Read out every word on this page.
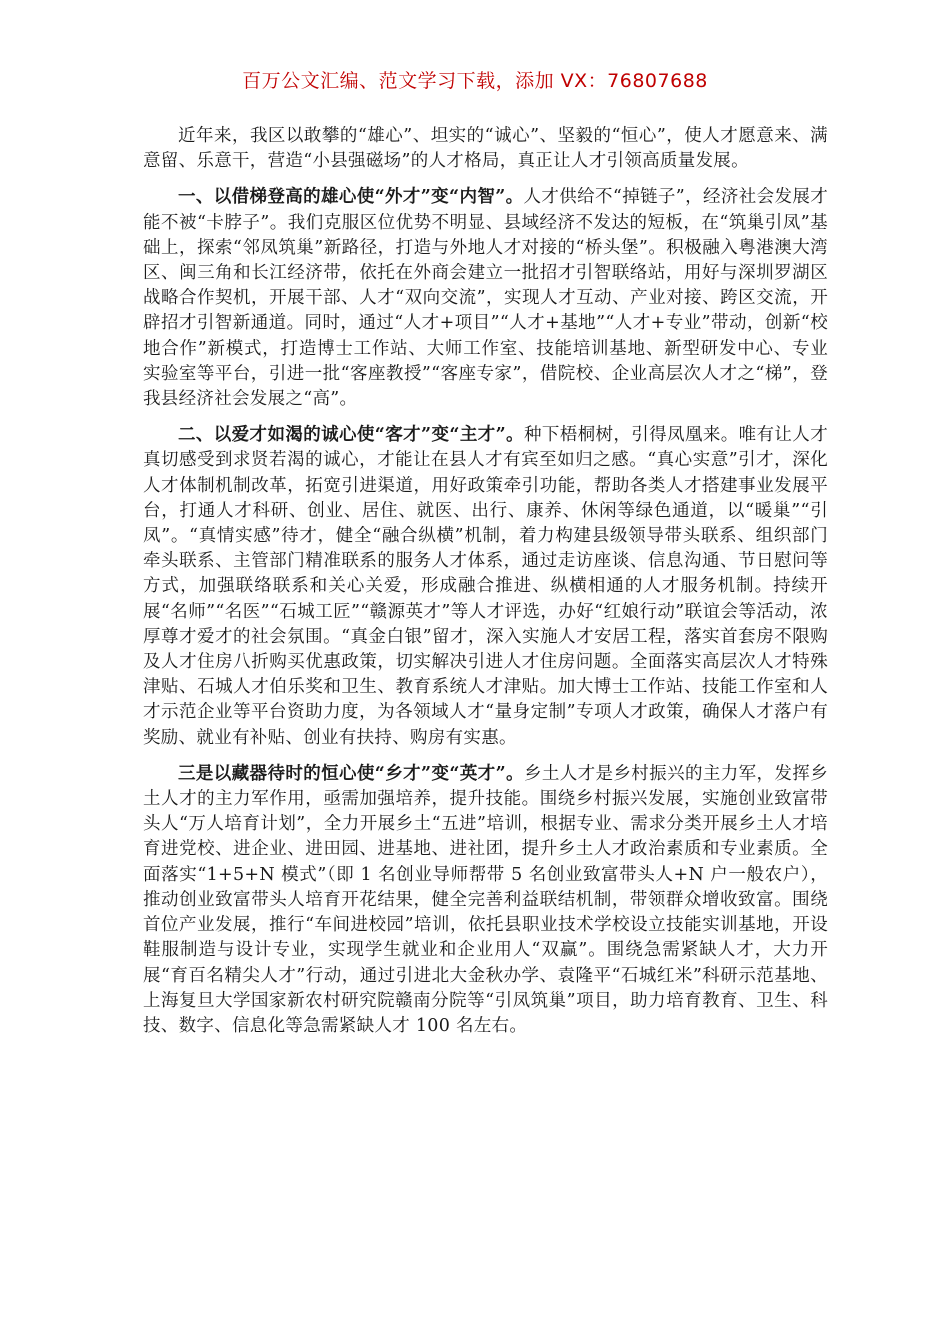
百万公文汇编、范文学习下载，添加 VX：76807688

近年来，我区以敢攀的“雄心”、坦实的“诚心”、坚毅的“恒心”，使人才愿意来、满意留、乐意干，营造“小县强磁场”的人才格局，真正让人才引领高质量发展。

一、以借梯登高的雄心使“外才”变“内智”。人才供给不“掉链子”，经济社会发展才能不被“卡脖子”。我们克服区位优势不明显、县域经济不发达的短板，在“筑巢引凤”基础上，探索“邻凤筑巢”新路径，打造与外地人才对接的“桥头堡”。积极融入粤港澳大湾区、闽三角和长江经济带，依托在外商会建立一批招才引智联络站，用好与深圳罗湖区战略合作契机，开展干部、人才“双向交流”，实现人才互动、产业对接、跨区交流，开辟招才引智新通道。同时，通过“人才+项目”“人才+基地”“人才+专业”带动，创新“校地合作”新模式，打造博士工作站、大师工作室、技能培训基地、新型研发中心、专业实验室等平台，引进一批“客座教授”“客座专家”，借院校、企业高层次人才之“梯”，登我县经济社会发展之“高”。

二、以爱才如渴的诚心使“客才”变“主才”。种下梧桐树，引得凤凰来。唯有让人才真切感受到求贤若渴的诚心，才能让在县人才有宾至如归之感。“真心实意”引才，深化人才体制机制改革，拓宽引进渠道，用好政策牵引功能，帮助各类人才搭建事业发展平台，打通人才科研、创业、居住、就医、出行、康养、休闲等绿色通道，以“暖巢”“引凤”。“真情实感”待才，健全“融合纵横”机制，着力构建县级领导带头联系、组织部门牵头联系、主管部门精准联系的服务人才体系，通过走访座谈、信息沟通、节日慰问等方式，加强联络联系和关心关爱，形成融合推进、纵横相通的人才服务机制。持续开展“名师”“名医”“石城工匠”“赣源英才”等人才评选，办好“红娘行动”联谊会等活动，浓厚尊才爱才的社会氛围。“真金白银”留才，深入实施人才安居工程，落实首套房不限购及人才住房八折购买优惠政策，切实解决引进人才住房问题。全面落实高层次人才特殊津贴、石城人才伯乐奖和卫生、教育系统人才津贴。加大博士工作站、技能工作室和人才示范企业等平台资助力度，为各领域人才“量身定制”专项人才政策，确保人才落户有奖励、就业有补贴、创业有扶持、购房有实惠。

三是以藏器待时的恒心使“乡才”变“英才”。乡土人才是乡村振兴的主力军，发挥乡土人才的主力军作用，亟需加强培养，提升技能。围绕乡村振兴发展，实施创业致富带头人“万人培育计划”，全力开展乡土“五进”培训，根据专业、需求分类开展乡土人才培育进党校、进企业、进田园、进基地、进社团，提升乡土人才政治素质和专业素质。全面落实“1+5+N 模式”（即 1 名创业导师帮带 5 名创业致富带头人+N 户一般农户），推动创业致富带头人培育开花结果，健全完善利益联结机制，带领群众增收致富。围绕首位产业发展，推行“车间进校园”培训，依托县职业技术学校设立技能实训基地，开设鞋服制造与设计专业，实现学生就业和企业用人“双赢”。围绕急需紧缺人才，大力开展“育百名精尖人才”行动，通过引进北大金秋办学、袁隆平“石城红米”科研示范基地、上海复旦大学国家新农村研究院赣南分院等“引凤筑巢”项目，助力培育教育、卫生、科技、数字、信息化等急需紧缺人才 100 名左右。
